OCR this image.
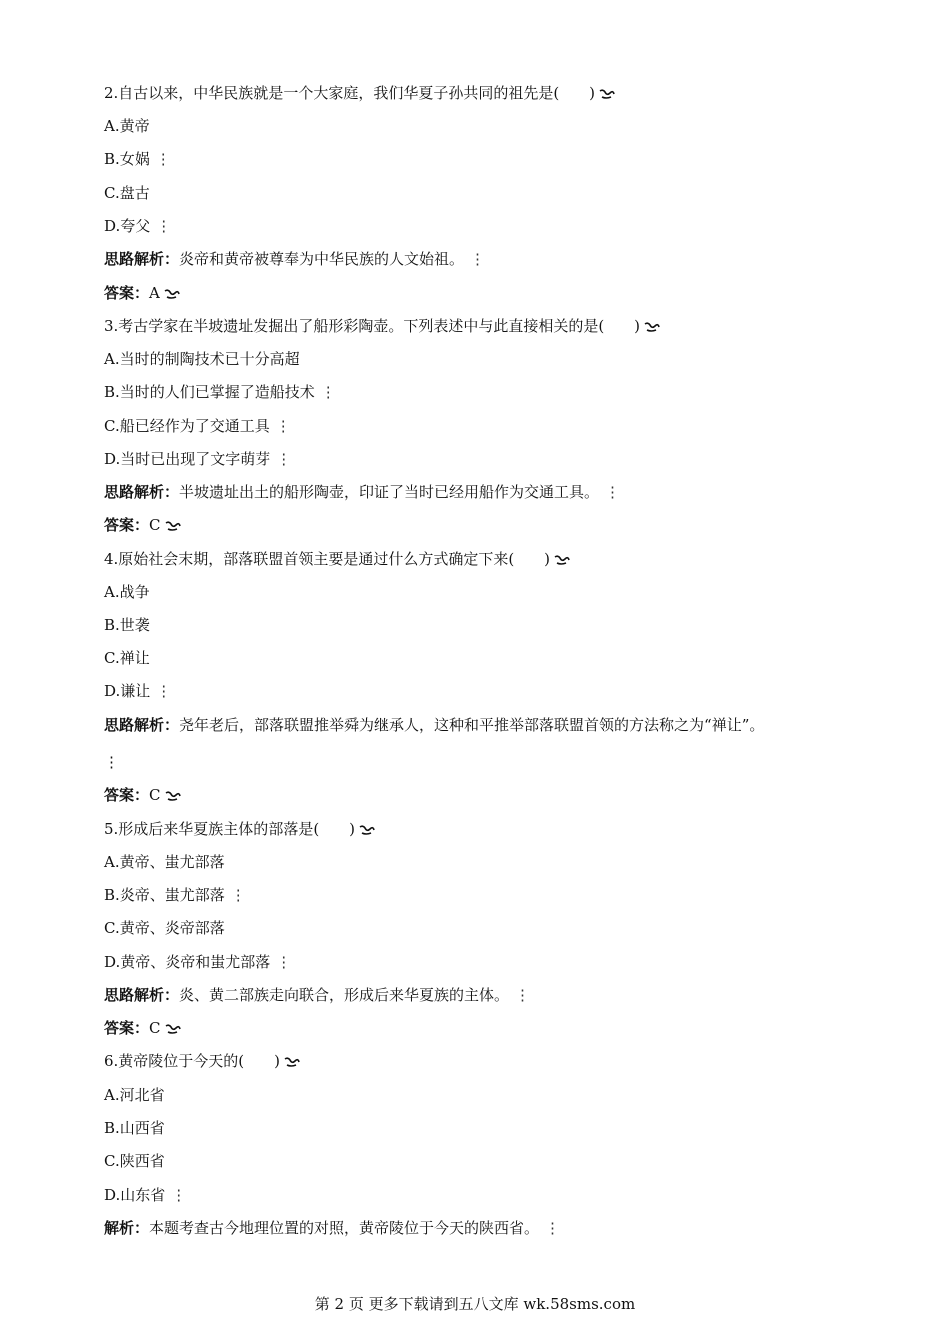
2.自古以来，中华民族就是一个大家庭，我们华夏子孙共同的祖先是(　　)
A.黄帝
B.女娲 ⋮
C.盘古
D.夸父 ⋮
思路解析：炎帝和黄帝被尊奉为中华民族的人文始祖。 ⋮
答案：A
3.考古学家在半坡遗址发掘出了船形彩陶壶。下列表述中与此直接相关的是(　　)
A.当时的制陶技术已十分高超
B.当时的人们已掌握了造船技术 ⋮
C.船已经作为了交通工具 ⋮
D.当时已出现了文字萌芽 ⋮
思路解析：半坡遗址出土的船形陶壶，印证了当时已经用船作为交通工具。 ⋮
答案：C
4.原始社会末期，部落联盟首领主要是通过什么方式确定下来(　　)
A.战争
B.世袭
C.禅让
D.谦让 ⋮
思路解析：尧年老后，部落联盟推举舜为继承人，这种和平推举部落联盟首领的方法称之为“禅让”。
⋮
答案：C
5.形成后来华夏族主体的部落是(　　)
A.黄帝、蚩尤部落
B.炎帝、蚩尤部落 ⋮
C.黄帝、炎帝部落
D.黄帝、炎帝和蚩尤部落 ⋮
思路解析：炎、黄二部族走向联合，形成后来华夏族的主体。 ⋮
答案：C
6.黄帝陵位于今天的(　　)
A.河北省
B.山西省
C.陕西省
D.山东省 ⋮
解析：本题考查古今地理位置的对照，黄帝陵位于今天的陕西省。 ⋮
第 2 页 更多下载请到五八文库 wk.58sms.com
